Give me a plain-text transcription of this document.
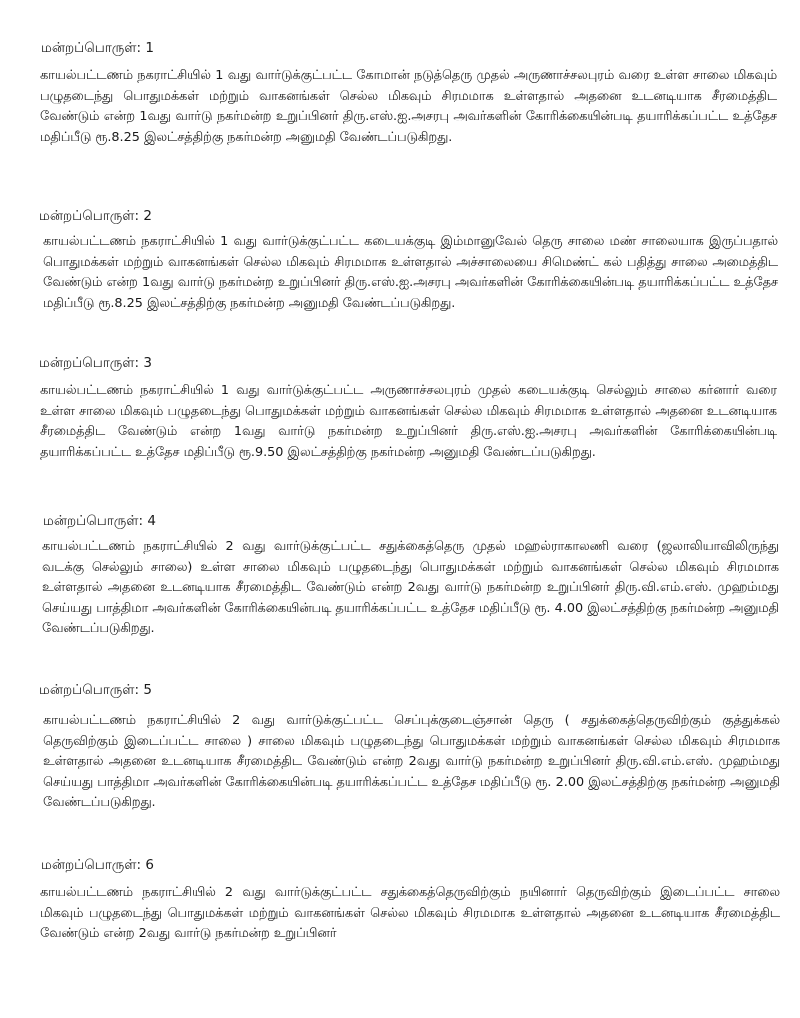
மன்றப்பொருள்: 1
காயல்பட்டணம் நகராட்சியில் 1 வது வார்டுக்குட்பட்ட கோமான் நடுத்தெரு முதல் அருணாச்சலபுரம் வரை உள்ள சாலை மிகவும் பழுதடைந்து பொதுமக்கள் மற்றும் வாகனங்கள் செல்ல மிகவும் சிரமமாக உள்ளதால் அதனை உடனடியாக சீரமைத்திட வேண்டும் என்ற 1வது வார்டு நகர்மன்ற உறுப்பினர் திரு.எஸ்.ஐ.அசரபு அவர்களின் கோரிக்கையின்படி தயாரிக்கப்பட்ட உத்தேச மதிப்பீடு ரூ.8.25 இலட்சத்திற்கு நகர்மன்ற அனுமதி வேண்டப்படுகிறது.
மன்றப்பொருள்: 2
காயல்பட்டணம் நகராட்சியில் 1 வது வார்டுக்குட்பட்ட கடையக்குடி இம்மானுவேல் தெரு சாலை மண் சாலையாக இருப்பதால் பொதுமக்கள் மற்றும் வாகனங்கள் செல்ல மிகவும் சிரமமாக உள்ளதால் அச்சாலையை சிமெண்ட் கல் பதித்து சாலை அமைத்திட வேண்டும் என்ற 1வது வார்டு நகர்மன்ற உறுப்பினர் திரு.எஸ்.ஐ.அசரபு அவர்களின் கோரிக்கையின்படி தயாரிக்கப்பட்ட உத்தேச மதிப்பீடு ரூ.8.25 இலட்சத்திற்கு நகர்மன்ற அனுமதி வேண்டப்படுகிறது.
மன்றப்பொருள்: 3
காயல்பட்டணம் நகராட்சியில் 1 வது வார்டுக்குட்பட்ட அருணாச்சலபுரம் முதல் கடையக்குடி செல்லும் சாலை கர்னார் வரை உள்ள சாலை மிகவும் பழுதடைந்து பொதுமக்கள் மற்றும் வாகனங்கள் செல்ல மிகவும் சிரமமாக உள்ளதால் அதனை உடனடியாக சீரமைத்திட வேண்டும் என்ற 1வது வார்டு நகர்மன்ற உறுப்பினர் திரு.எஸ்.ஐ.அசரபு அவர்களின் கோரிக்கையின்படி தயாரிக்கப்பட்ட உத்தேச மதிப்பீடு ரூ.9.50 இலட்சத்திற்கு நகர்மன்ற அனுமதி வேண்டப்படுகிறது.
மன்றப்பொருள்: 4
காயல்பட்டணம் நகராட்சியில் 2 வது வார்டுக்குட்பட்ட சதுக்கைத்தெரு முதல் மஹல்ராகாலணி வரை (ஜலாலியாவிலிருந்து வடக்கு செல்லும் சாலை) உள்ள சாலை மிகவும் பழுதடைந்து பொதுமக்கள் மற்றும் வாகனங்கள் செல்ல மிகவும் சிரமமாக உள்ளதால் அதனை உடனடியாக சீரமைத்திட வேண்டும் என்ற 2வது வார்டு நகர்மன்ற உறுப்பினர் திரு.வி.எம்.எஸ். முஹம்மது செய்யது பாத்திமா அவர்களின் கோரிக்கையின்படி தயாரிக்கப்பட்ட உத்தேச மதிப்பீடு ரூ. 4.00 இலட்சத்திற்கு நகர்மன்ற அனுமதி வேண்டப்படுகிறது.
மன்றப்பொருள்: 5
காயல்பட்டணம் நகராட்சியில் 2 வது வார்டுக்குட்பட்ட செப்புக்குடைஞ்சான் தெரு ( சதுக்கைத்தெருவிற்கும் குத்துக்கல் தெருவிற்கும் இடைப்பட்ட சாலை ) சாலை மிகவும் பழுதடைந்து பொதுமக்கள் மற்றும் வாகனங்கள் செல்ல மிகவும் சிரமமாக உள்ளதால் அதனை உடனடியாக சீரமைத்திட வேண்டும் என்ற 2வது வார்டு நகர்மன்ற உறுப்பினர் திரு.வி.எம்.எஸ். முஹம்மது செய்யது பாத்திமா அவர்களின் கோரிக்கையின்படி தயாரிக்கப்பட்ட உத்தேச மதிப்பீடு ரூ. 2.00 இலட்சத்திற்கு நகர்மன்ற அனுமதி வேண்டப்படுகிறது.
மன்றப்பொருள்: 6
காயல்பட்டணம் நகராட்சியில் 2 வது வார்டுக்குட்பட்ட சதுக்கைத்தெருவிற்கும் நயினார் தெருவிற்கும் இடைப்பட்ட சாலை மிகவும் பழுதடைந்து பொதுமக்கள் மற்றும் வாகனங்கள் செல்ல மிகவும் சிரமமாக உள்ளதால் அதனை உடனடியாக சீரமைத்திட வேண்டும் என்ற 2வது வார்டு நகர்மன்ற உறுப்பினர்
